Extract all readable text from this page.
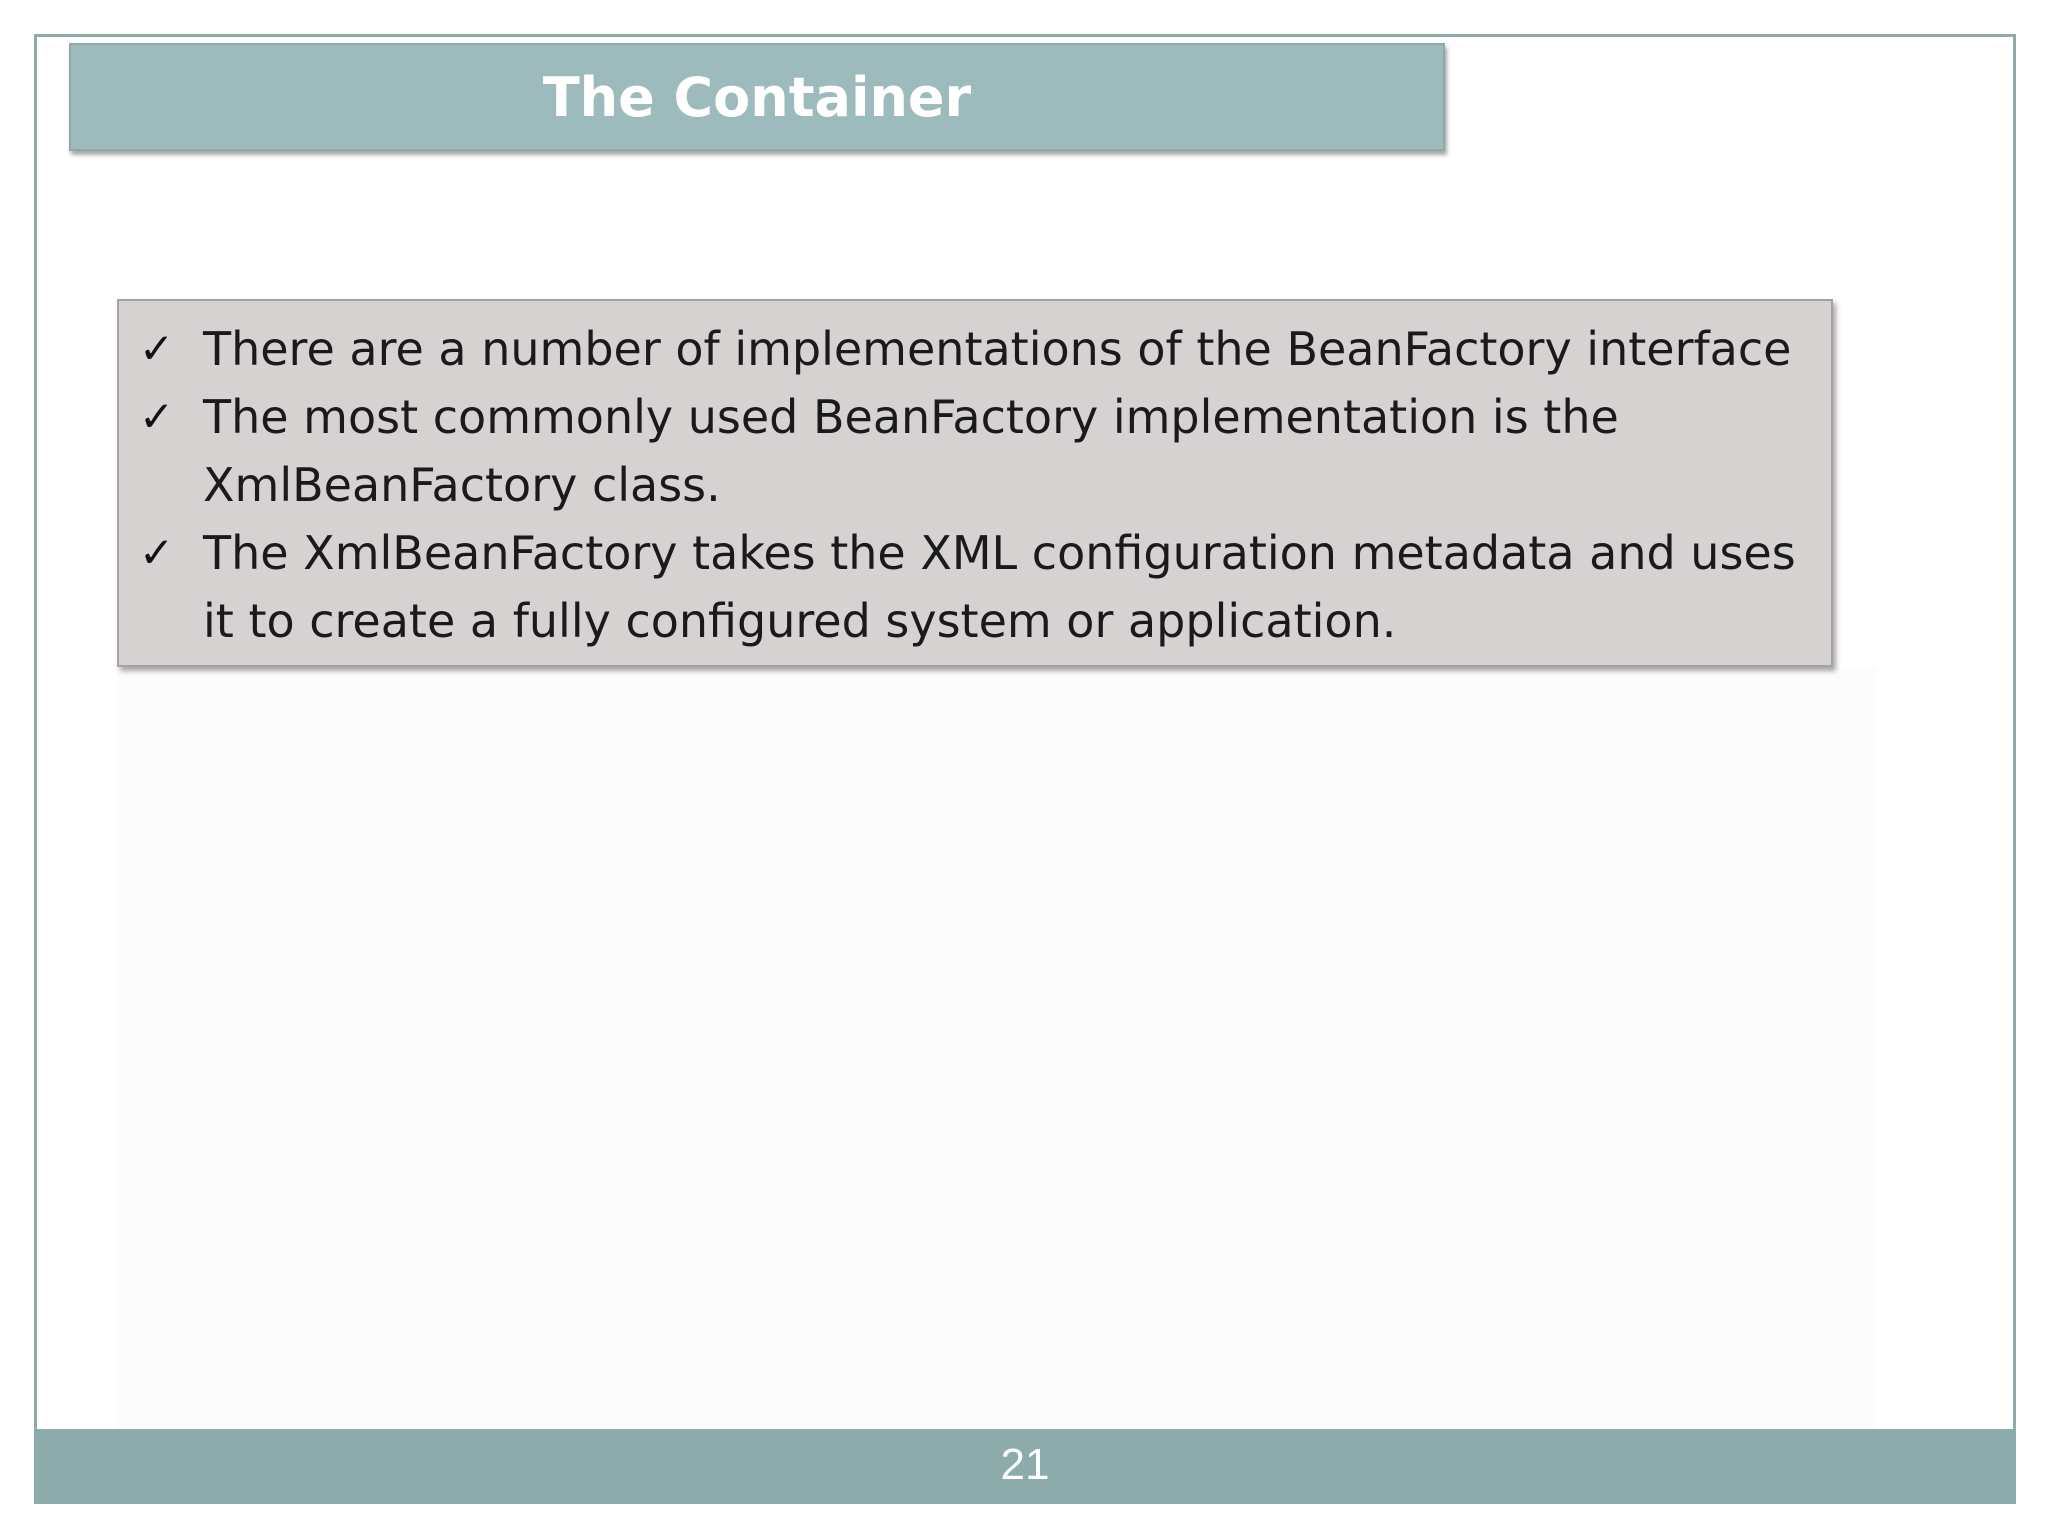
The Container
✓ There are a number of implementations of the BeanFactory interface
✓ The most commonly used BeanFactory implementation is the XmlBeanFactory class.
✓ The XmlBeanFactory takes the XML configuration metadata and uses it to create a fully configured system or application.
21
